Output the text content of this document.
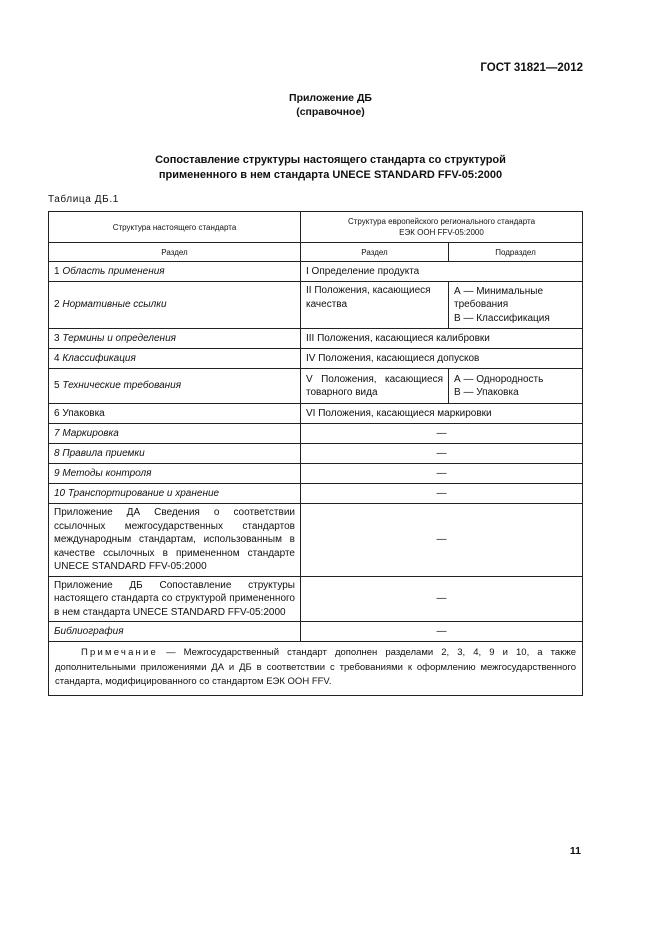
ГОСТ 31821—2012
Приложение ДБ
(справочное)
Сопоставление структуры настоящего стандарта со структурой
примененного в нем стандарта UNECE STANDARD FFV-05:2000
Таблица ДБ.1
Структура настоящего стандарта	Структура европейского регионального стандарта
ЕЭК ООН FFV-05:2000	

Раздел	Раздел	Подраздел
1 Область применения	I Определение продукта	
2 Нормативные ссылки	II Положения, касающиеся качества	А — Минимальные требования
В — Классификация

3 Термины и определения	III Положения, касающиеся калибровки	
4 Классификация	IV Положения, касающиеся допусков	
5 Технические требования	V Положения, касающиеся товарного вида	А — Однородность
В — Упаковка

6 Упаковка	VI Положения, касающиеся маркировки	
7 Маркировка	—	
8 Правила приемки	—	
9 Методы контроля	—	
10 Транспортирование и хранение	—	
Приложение ДА Сведения о соответствии ссылочных межгосударственных стандартов международным стандартам, использованным в качестве ссылочных в примененном стандарте UNECE STANDARD FFV-05:2000	—	
Приложение ДБ Сопоставление структуры настоящего стандарта со структурой примененного в нем стандарта UNECE STANDARD FFV-05:2000	—	
Библиография	—	
Примечание — Межгосударственный стандарт дополнен разделами 2, 3, 4, 9 и 10, а также дополнительными приложениями ДА и ДБ в соответствии с требованиями к оформлению межгосударственного стандарта, модифицированного со стандартом ЕЭК ООН FFV.		
11
